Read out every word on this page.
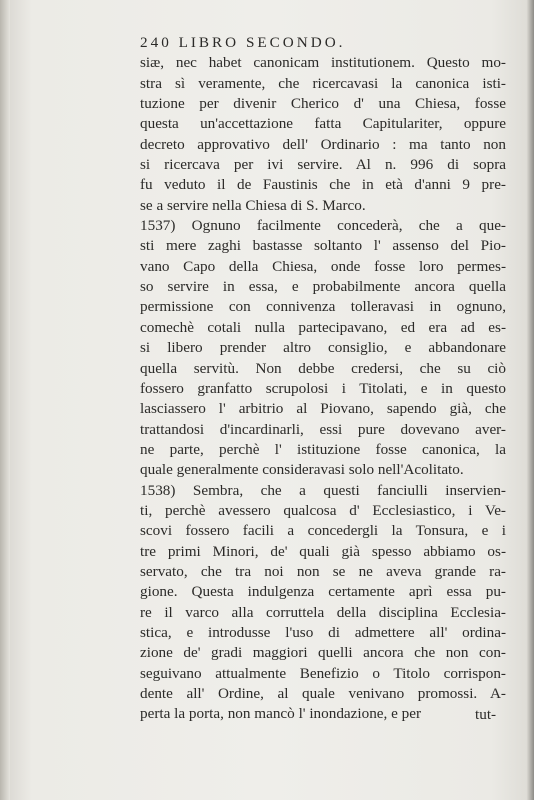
240 LIBRO SECONDO.
siæ, nec habet canonicam institutionem. Questo mo-
stra sì veramente, che ricercavasi la canonica isti-
tuzione per divenir Cherico d' una Chiesa, fosse
questa un'accettazione fatta Capitulariter, oppure
decreto approvativo dell' Ordinario : ma tanto non
si ricercava per ivi servire. Al n. 996 di sopra
fu veduto il de Faustinis che in età d'anni 9 pre-
se a servire nella Chiesa di S. Marco.
1537) Ognuno facilmente concederà, che a que-
sti mere zaghi bastasse soltanto l' assenso del Pio-
vano Capo della Chiesa, onde fosse loro permes-
so servire in essa, e probabilmente ancora quella
permissione con connivenza tolleravasi in ognuno,
comechè cotali nulla partecipavano, ed era ad es-
si libero prender altro consiglio, e abbandonare
quella servitù. Non debbe credersi, che su ciò
fossero granfatto scrupolosi i Titolati, e in questo
lasciassero l' arbitrio al Piovano, sapendo già, che
trattandosi d'incardinarli, essi pure dovevano aver-
ne parte, perchè l' istituzione fosse canonica, la
quale generalmente consideravasi solo nell'Acolitato.
1538) Sembra, che a questi fanciulli inservien-
ti, perchè avessero qualcosa d' Ecclesiastico, i Ve-
scovi fossero facili a concedergli la Tonsura, e i
tre primi Minori, de' quali già spesso abbiamo os-
servato, che tra noi non se ne aveva grande ra-
gione. Questa indulgenza certamente aprì essa pu-
re il varco alla corruttela della disciplina Ecclesia-
stica, e introdusse l'uso di admettere all' ordina-
zione de' gradi maggiori quelli ancora che non con-
seguivano attualmente Benefizio o Titolo corrispon-
dente all' Ordine, al quale venivano promossi. A-
perta la porta, non mancò l' inondazione, e per	tut-
